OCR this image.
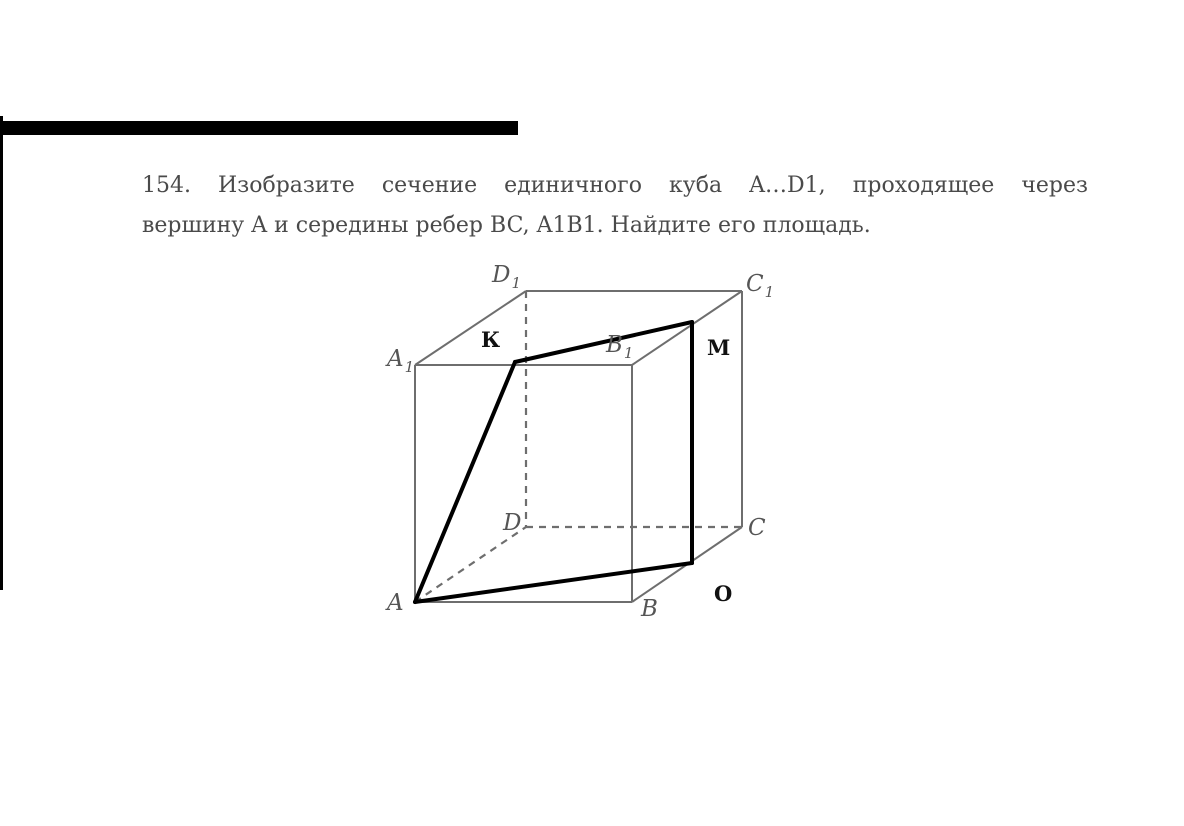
154. Изобразите сечение единичного куба A…D1, проходящее через
вершину A и середины ребер BC, A1B1. Найдите его площадь.
$D_1$	$C_1$
$A_1$
$B_1$
D	C
A	B
К	M
O
